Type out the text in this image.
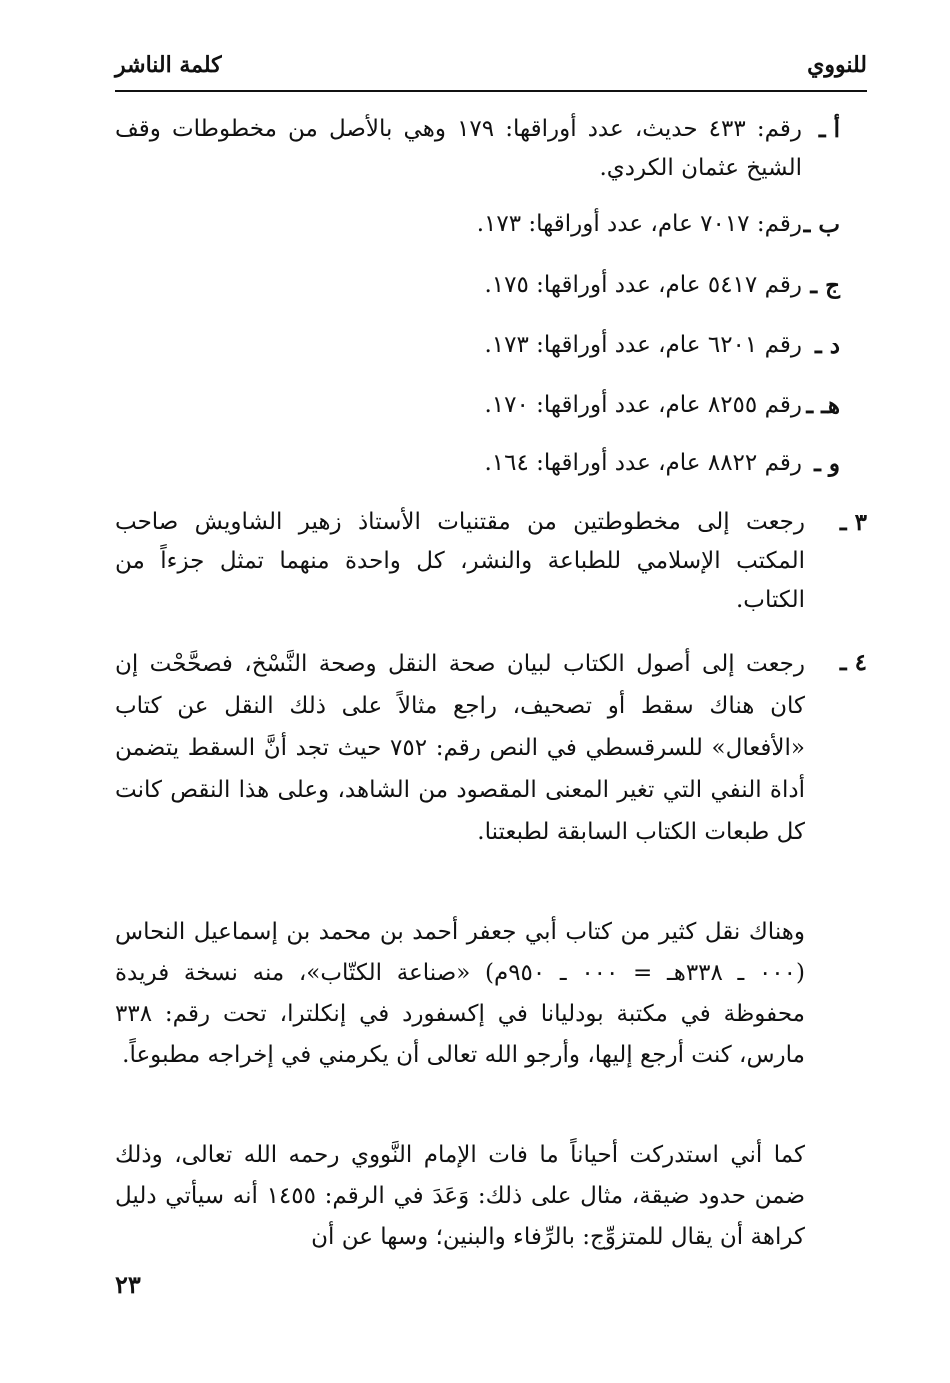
للنووي
كلمة الناشر
أ ـ
رقم: ٤٣٣ حديث، عدد أوراقها: ١٧٩ وهي بالأصل من مخطوطات وقف الشيخ عثمان الكردي.
ب ـ
رقم: ٧٠١٧ عام، عدد أوراقها: ١٧٣.
ج ـ
رقم ٥٤١٧ عام، عدد أوراقها: ١٧٥.
د ـ
رقم ٦٢٠١ عام، عدد أوراقها: ١٧٣.
هـ ـ
رقم ٨٢٥٥ عام، عدد أوراقها: ١٧٠.
و ـ
رقم ٨٨٢٢ عام، عدد أوراقها: ١٦٤.
٣ ـ
رجعت إلى مخطوطتين من مقتنيات الأستاذ زهير الشاويش صاحب المكتب الإسلامي للطباعة والنشر، كل واحدة منهما تمثل جزءاً من الكتاب.
٤ ـ
رجعت إلى أصول الكتاب لبيان صحة النقل وصحة النَّسْخ، فصحَّحْت إن كان هناك سقط أو تصحيف، راجع مثالاً على ذلك النقل عن كتاب «الأفعال» للسرقسطي في النص رقم: ٧٥٢ حيث تجد أنَّ السقط يتضمن أداة النفي التي تغير المعنى المقصود من الشاهد، وعلى هذا النقص كانت كل طبعات الكتاب السابقة لطبعتنا.
وهناك نقل كثير من كتاب أبي جعفر أحمد بن محمد بن إسماعيل النحاس (٠٠٠ ـ ٣٣٨هـ = ٠٠٠ ـ ٩٥٠م) «صناعة الكتّاب»، منه نسخة فريدة محفوظة في مكتبة بودليانا في إكسفورد في إنكلترا، تحت رقم: ٣٣٨ مارس، كنت أرجع إليها، وأرجو الله تعالى أن يكرمني في إخراجه مطبوعاً.
كما أني استدركت أحياناً ما فات الإمام النَّووي رحمه الله تعالى، وذلك ضمن حدود ضيقة، مثال على ذلك: وَعَدَ في الرقم: ١٤٥٥ أنه سيأتي دليل كراهة أن يقال للمتزوِّج: بالرِّفاء والبنين؛ وسها عن أن
٢٣
